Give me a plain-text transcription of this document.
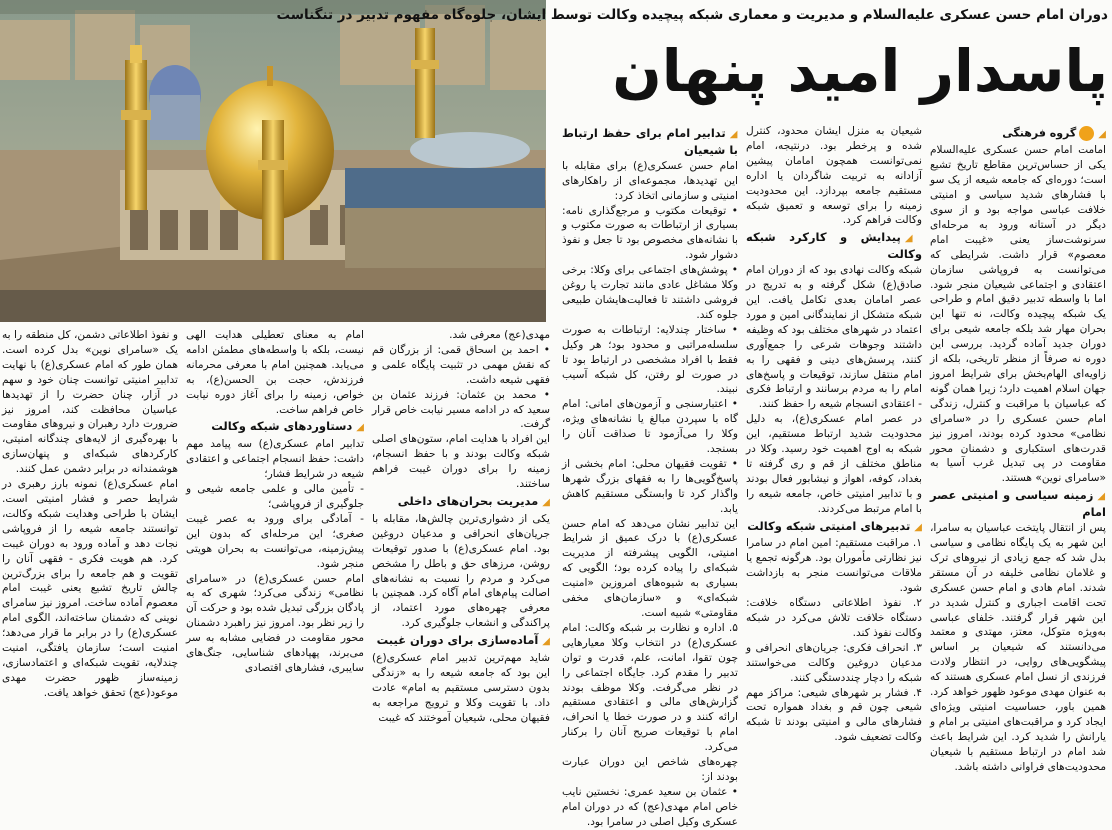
دوران امام حسن عسکری علیه‌السلام و مدیریت و معماری شبکه پیچیده وکالت توسط ایشان، جلوه‌گاه مفهوم تدبیر در تنگناست
پاسدار امید پنهان

◢ گروه فرهنگی

امامت امام حسن عسکری علیه‌السلام یکی از حساس‌ترین مقاطع تاریخ تشیع است؛ دوره‌ای که جامعه شیعه از یک سو با فشارهای شدید سیاسی و امنیتی خلافت عباسی مواجه بود و از سوی دیگر در آستانه ورود به مرحله‌ای سرنوشت‌ساز یعنی «غیبت امام معصوم» قرار داشت. شرایطی که می‌توانست به فروپاشی سازمان اعتقادی و اجتماعی شیعیان منجر شود. اما با واسطه تدبیر دقیق امام و طراحی یک شبکه پیچیده وکالت، نه تنها این بحران مهار شد بلکه جامعه شیعی برای دوران جدید آماده گردید. بررسی این دوره نه صرفاً از منظر تاریخی، بلکه از زاویه‌ای الهام‌بخش برای شرایط امروز جهان اسلام اهمیت دارد؛ زیرا همان گونه که عباسیان با مراقبت و کنترل، زندگی امام حسن عسکری را در «سامرای نظامی» محدود کرده بودند، امروز نیز قدرت‌های استکباری و دشمنان محور مقاومت در پی تبدیل غرب آسیا به «سامرای نوین» هستند.

◢ زمینه سیاسی و امنیتی عصر امام

پس از انتقال پایتخت عباسیان به سامرا، این شهر به یک پایگاه نظامی و سیاسی بدل شد که جمع زیادی از نیروهای ترک و غلامان نظامی خلیفه در آن مستقر شدند. امام هادی و امام حسن عسکری تحت اقامت اجباری و کنترل شدید در این شهر قرار گرفتند. خلفای عباسی به‌ویژه متوکل، معتز، مهتدی و معتمد می‌دانستند که شیعیان بر اساس پیشگویی‌های روایی، در انتظار ولادت فرزندی از نسل امام عسکری هستند که به عنوان مهدی موعود ظهور خواهد کرد. همین باور، حساسیت امنیتی ویژه‌ای ایجاد کرد و مراقبت‌های امنیتی بر امام و یارانش را شدید کرد. این شرایط باعث شد امام در ارتباط مستقیم با شیعیان محدودیت‌های فراوانی داشته باشد.

شیعیان به منزل ایشان محدود، کنترل شده و پرخطر بود. درنتیجه، امام نمی‌توانست همچون امامان پیشین آزادانه به تربیت شاگردان یا اداره مستقیم جامعه بپردازد. این محدودیت زمینه را برای توسعه و تعمیق شبکه وکالت فراهم کرد.

◢ پیدایش و کارکرد شبکه وکالت

شبکه وکالت نهادی بود که از دوران امام صادق(ع) شکل گرفته و به تدریج در عصر امامان بعدی تکامل یافت. این شبکه متشکل از نمایندگانی امین و مورد اعتماد در شهرهای مختلف بود که وظیفه داشتند وجوهات شرعی را جمع‌آوری کنند، پرسش‌های دینی و فقهی را به امام منتقل سازند، توقیعات و پاسخ‌های امام را به مردم برسانند و ارتباط فکری - اعتقادی انسجام شیعه را حفظ کنند.

در عصر امام عسکری(ع)، به دلیل محدودیت شدید ارتباط مستقیم، این شبکه به اوج اهمیت خود رسید. وکلا در مناطق مختلف از قم و ری گرفته تا بغداد، کوفه، اهواز و نیشابور فعال بودند و با تدابیر امنیتی خاص، جامعه شیعه را با امام مرتبط می‌کردند.

◢ تدبیرهای امنیتی شبکه وکالت

۱. مراقبت مستقیم: امین امام در سامرا نیز نظارتی مأموران بود. هرگونه تجمع یا ملاقات می‌توانست منجر به بازداشت شود.

۲. نفوذ اطلاعاتی دستگاه خلافت: دستگاه خلافت تلاش می‌کرد در شبکه وکالت نفوذ کند.

۳. انحراف فکری: جریان‌های انحرافی و مدعیان دروغین وکالت می‌خواستند شبکه را دچار چنددستگی کنند.

۴. فشار بر شهرهای شیعی: مراکز مهم شیعی چون قم و بغداد همواره تحت فشارهای مالی و امنیتی بودند تا شبکه وکالت تضعیف شود.

◢ تدابیر امام برای حفظ ارتباط با شیعیان

امام حسن عسکری(ع) برای مقابله با این تهدیدها، مجموعه‌ای از راهکارهای امنیتی و سازمانی اتخاذ کرد:

• توقیعات مکتوب و مرجع‌گذاری نامه: بسیاری از ارتباطات به صورت مکتوب و با نشانه‌های مخصوص بود تا جعل و نفوذ دشوار شود.

• پوشش‌های اجتماعی برای وکلا: برخی وکلا مشاغل عادی مانند تجارت یا روغن فروشی داشتند تا فعالیت‌هایشان طبیعی جلوه کند.

• ساختار چندلایه: ارتباطات به صورت سلسله‌مراتبی و محدود بود؛ هر وکیل فقط با افراد مشخصی در ارتباط بود تا در صورت لو رفتن، کل شبکه آسیب نبیند.

• اعتبارسنجی و آزمون‌های امانی: امام گاه با سپردن مبالغ یا نشانه‌های ویژه، وکلا را می‌آزمود تا صداقت آنان را بسنجد.

• تقویت فقیهان محلی: امام بخشی از پاسخ‌گویی‌ها را به فقهای بزرگ شهرها واگذار کرد تا وابستگی مستقیم کاهش یابد.

این تدابیر نشان می‌دهد که امام حسن عسکری(ع) با درک عمیق از شرایط امنیتی، الگویی پیشرفته از مدیریت شبکه‌ای را پیاده کرده بود؛ الگویی که بسیاری به شیوه‌های امروزین «امنیت شبکه‌ای» و «سازمان‌های مخفی مقاومتی» شبیه است.

۵. اداره و نظارت بر شبکه وکالت: امام عسکری(ع) در انتخاب وکلا معیارهایی چون تقوا، امانت، علم، قدرت و توان تدبیر را مقدم کرد. جایگاه اجتماعی را در نظر می‌گرفت. وکلا موظف بودند گزارش‌های مالی و اعتقادی مستقیم ارائه کنند و در صورت خطا یا انحراف، امام با توقیعات صریح آنان را برکنار می‌کرد.

چهره‌های شاخص این دوران عبارت بودند از:

• عثمان بن سعید عمری: نخستین نایب خاص امام مهدی(عج) که در دوران امام عسکری وکیل اصلی در سامرا بود.

مهدی(عج) معرفی شد.

• احمد بن اسحاق قمی: از بزرگان قم که نقش مهمی در تثبیت پایگاه علمی و فقهی شیعه داشت.

• محمد بن عثمان: فرزند عثمان بن سعید که در ادامه مسیر نیابت خاص قرار گرفت.

این افراد با هدایت امام، ستون‌های اصلی شبکه وکالت بودند و با حفظ انسجام، زمینه را برای دوران غیبت فراهم ساختند.

◢ مدیریت بحران‌های داخلی

یکی از دشواری‌ترین چالش‌ها، مقابله با جریان‌های انحرافی و مدعیان دروغین بود. امام عسکری(ع) با صدور توقیعات روشن، مرزهای حق و باطل را مشخص می‌کرد و مردم را نسبت به نشانه‌های اصالت پیام‌های امام آگاه کرد. همچنین با معرفی چهره‌های مورد اعتماد، از پراکندگی و انشعاب جلوگیری کرد.

◢ آماده‌سازی برای دوران غیبت

شاید مهم‌ترین تدبیر امام عسکری(ع) این بود که جامعه شیعه را به «زندگی بدون دسترسی مستقیم به امام» عادت داد. با تقویت وکلا و ترویج مراجعه به فقیهان محلی، شیعیان آموختند که غیبت

امام به معنای تعطیلی هدایت الهی نیست، بلکه با واسطه‌های مطمئن ادامه می‌یابد. همچنین امام با معرفی محرمانه فرزندش، حجت بن الحسن(ع)، به خواص، زمینه را برای آغاز دوره نیابت خاص فراهم ساخت.

◢ دستاوردهای شبکه وکالت

تدابیر امام عسکری(ع) سه پیامد مهم داشت: حفظ انسجام اجتماعی و اعتقادی شیعه در شرایط فشار؛

- تأمین مالی و علمی جامعه شیعی و جلوگیری از فروپاشی؛

- آمادگی برای ورود به عصر غیبت صغری؛ این مرحله‌ای که بدون این پیش‌زمینه، می‌توانست به بحران هویتی منجر شود.

امام حسن عسکری(ع) در «سامرای نظامی» زندگی می‌کرد؛ شهری که به پادگان بزرگی تبدیل شده بود و حرکت آن را زیر نظر بود. امروز نیز راهبرد دشمنان محور مقاومت در فضایی مشابه به سر می‌برند، پهپادهای شناسایی، جنگ‌های سایبری، فشارهای اقتصادی

و نفوذ اطلاعاتی دشمن، کل منطقه را به یک «سامرای نوین» بدل کرده است. همان طور که امام عسکری(ع) با نهایت تدابیر امنیتی توانست چنان خود و سهم در آزار، چنان حضرت را از تهدیدها عباسیان محافظت کند، امروز نیز ضرورت دارد رهبران و نیروهای مقاومت با بهره‌گیری از لایه‌های چندگانه امنیتی، کارکردهای شبکه‌ای و پنهان‌سازی هوشمندانه در برابر دشمن عمل کنند.

امام عسکری(ع) نمونه بارز رهبری در شرایط حصر و فشار امنیتی است. ایشان با طراحی وهدایت شبکه وکالت، توانستند جامعه شیعه را از فروپاشی نجات دهد و آماده ورود به دوران غیبت کرد. هم هویت فکری - فقهی آنان را تقویت و هم جامعه را برای بزرگ‌ترین چالش تاریخ تشیع یعنی غیبت امام معصوم آماده ساخت. امروز نیز سامرای نوینی که دشمنان ساخته‌اند، الگوی امام عسکری(ع) را در برابر ما قرار می‌دهد؛ امنیت است؛ سازمان یافتگی، امنیت چندلایه، تقویت شبکه‌ای و اعتمادسازی، زمینه‌ساز ظهور حضرت مهدی موعود(عج) تحقق خواهد یافت.
